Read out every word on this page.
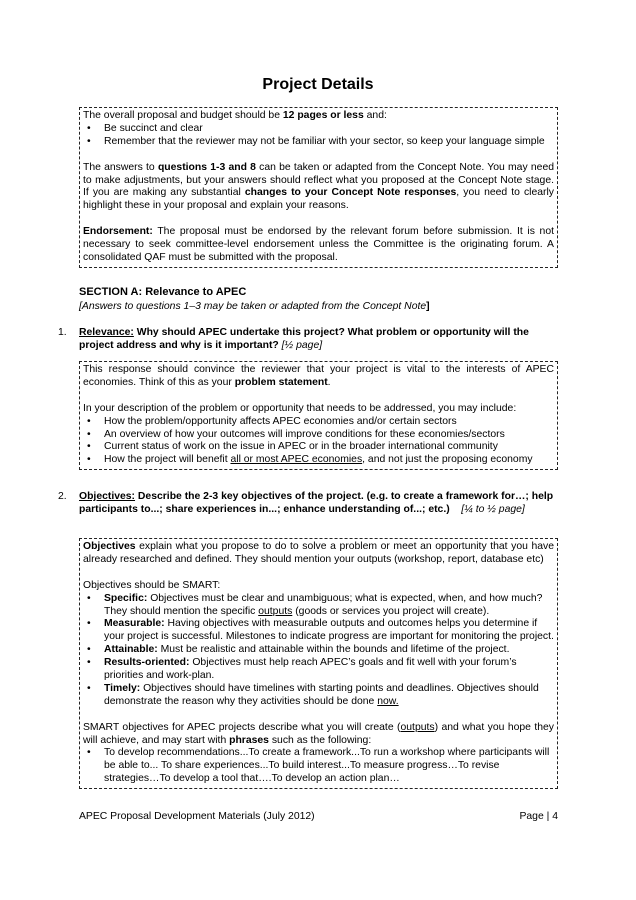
Project Details

The overall proposal and budget should be 12 pages or less and:

• Be succinct and clear
• Remember that the reviewer may not be familiar with your sector, so keep your language simple

The answers to questions 1-3 and 8 can be taken or adapted from the Concept Note. You may need to make adjustments, but your answers should reflect what you proposed at the Concept Note stage. If you are making any substantial changes to your Concept Note responses, you need to clearly highlight these in your proposal and explain your reasons.

Endorsement: The proposal must be endorsed by the relevant forum before submission. It is not necessary to seek committee-level endorsement unless the Committee is the originating forum. A consolidated QAF must be submitted with the proposal.

SECTION A: Relevance to APEC
[Answers to questions 1–3 may be taken or adapted from the Concept Note]
1. Relevance: Why should APEC undertake this project? What problem or opportunity will the project address and why is it important? [½ page]

This response should convince the reviewer that your project is vital to the interests of APEC economies. Think of this as your problem statement.

In your description of the problem or opportunity that needs to be addressed, you may include:

• How the problem/opportunity affects APEC economies and/or certain sectors
• An overview of how your outcomes will improve conditions for these economies/sectors
• Current status of work on the issue in APEC or in the broader international community
• How the project will benefit all or most APEC economies, and not just the proposing economy
2. Objectives: Describe the 2-3 key objectives of the project. (e.g. to create a framework for…; help participants to...; share experiences in...; enhance understanding of...; etc.) [¼ to ½ page]

Objectives explain what you propose to do to solve a problem or meet an opportunity that you have already researched and defined. They should mention your outputs (workshop, report, database etc)

Objectives should be SMART:

• Specific: Objectives must be clear and unambiguous; what is expected, when, and how much? They should mention the specific outputs (goods or services you project will create).
• Measurable: Having objectives with measurable outputs and outcomes helps you determine if your project is successful. Milestones to indicate progress are important for monitoring the project.
• Attainable: Must be realistic and attainable within the bounds and lifetime of the project.
• Results-oriented: Objectives must help reach APEC’s goals and fit well with your forum’s priorities and work-plan.
• Timely: Objectives should have timelines with starting points and deadlines. Objectives should demonstrate the reason why they activities should be done now.

SMART objectives for APEC projects describe what you will create (outputs) and what you hope they will achieve, and may start with phrases such as the following:

• To develop recommendations...To create a framework...To run a workshop where participants will be able to... To share experiences...To build interest...To measure progress…To revise strategies…To develop a tool that….To develop an action plan…
APEC Proposal Development Materials (July 2012)	Page | 4
